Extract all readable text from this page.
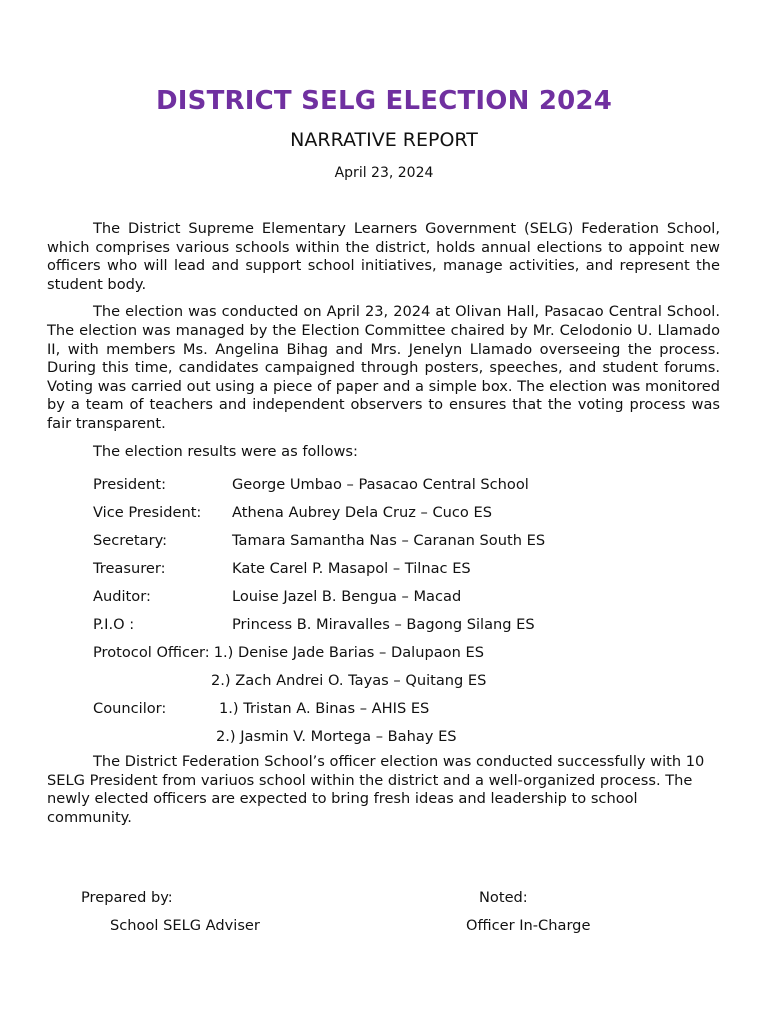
DISTRICT SELG ELECTION 2024
NARRATIVE REPORT
April 23, 2024

The District Supreme Elementary Learners Government (SELG) Federation School, which comprises various schools within the district, holds annual elections to appoint new officers who will lead and support school initiatives, manage activities, and represent the student body.

The election was conducted on April 23, 2024 at Olivan Hall, Pasacao Central School. The election was managed by the Election Committee chaired by Mr. Celodonio U. Llamado II, with members Ms. Angelina Bihag and Mrs. Jenelyn Llamado overseeing the process. During this time, candidates campaigned through posters, speeches, and student forums. Voting was carried out using a piece of paper and a simple box. The election was monitored by a team of teachers and independent observers to ensures that the voting process was fair transparent.

The election results were as follows:
President:	George Umbao – Pasacao Central School
Vice President:	Athena Aubrey Dela Cruz – Cuco ES
Secretary:	Tamara Samantha Nas – Caranan South ES
Treasurer:	Kate Carel P. Masapol – Tilnac ES
Auditor:	Louise Jazel B. Bengua – Macad
P.I.O :	Princess B. Miravalles – Bagong Silang ES
Protocol Officer: 1.) Denise Jade Barias – Dalupaon ES
2.) Zach Andrei O. Tayas – Quitang ES
Councilor:	1.) Tristan A. Binas – AHIS ES
2.) Jasmin V. Mortega – Bahay ES

The District Federation School’s officer election was conducted successfully with 10 SELG President from variuos school within the district and a well-organized process. The newly elected officers are expected to bring fresh ideas and leadership to school community.

Prepared by:
School SELG Adviser
Noted:
Officer In-Charge
